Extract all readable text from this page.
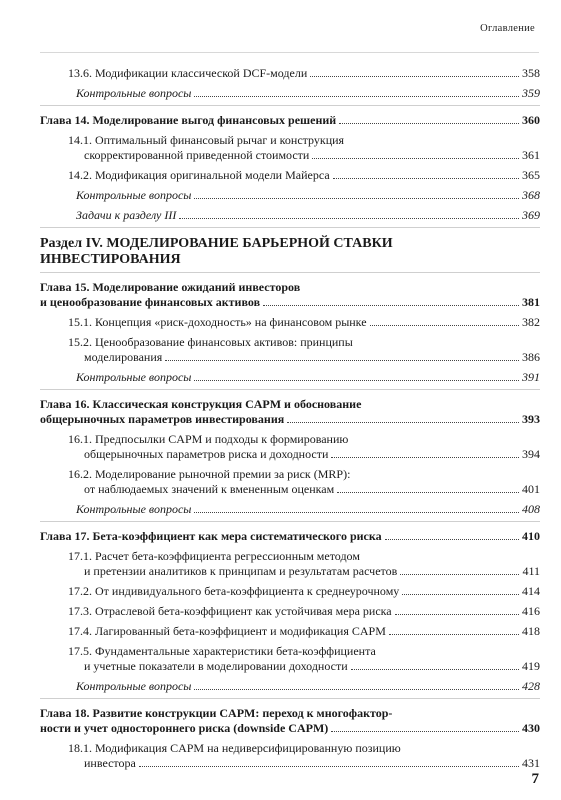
Оглавление
13.6. Модификации классической DCF-модели	358
Контрольные вопросы	359
Глава 14. Моделирование выгод финансовых решений	360
14.1. Оптимальный финансовый рычаг и конструкция
скорректированной приведенной стоимости	361
14.2. Модификация оригинальной модели Майерса	365
Контрольные вопросы	368
Задачи к разделу III	369
Раздел IV. МОДЕЛИРОВАНИЕ БАРЬЕРНОЙ СТАВКИ
ИНВЕСТИРОВАНИЯ
Глава 15. Моделирование ожиданий инвесторов
и ценообразование финансовых активов	381
15.1. Концепция «риск-доходность» на финансовом рынке	382
15.2. Ценообразование финансовых активов: принципы
моделирования	386
Контрольные вопросы	391
Глава 16. Классическая конструкция CAPM и обоснование
общерыночных параметров инвестирования	393
16.1. Предпосылки CAPM и подходы к формированию
общерыночных параметров риска и доходности	394
16.2. Моделирование рыночной премии за риск (MRP):
от наблюдаемых значений к вмененным оценкам	401
Контрольные вопросы	408
Глава 17. Бета-коэффициент как мера систематического риска	410
17.1. Расчет бета-коэффициента регрессионным методом
и претензии аналитиков к принципам и результатам расчетов	411
17.2. От индивидуального бета-коэффициента к среднеурочному	414
17.3. Отраслевой бета-коэффициент как устойчивая мера риска	416
17.4. Лагированный бета-коэффициент и модификация CAPM	418
17.5. Фундаментальные характеристики бета-коэффициента
и учетные показатели в моделировании доходности	419
Контрольные вопросы	428
Глава 18. Развитие конструкции CAPM: переход к многофактор-
ности и учет одностороннего риска (downside CAPM)	430
18.1. Модификация CAPM на недиверсифицированную позицию
инвестора	431
7
